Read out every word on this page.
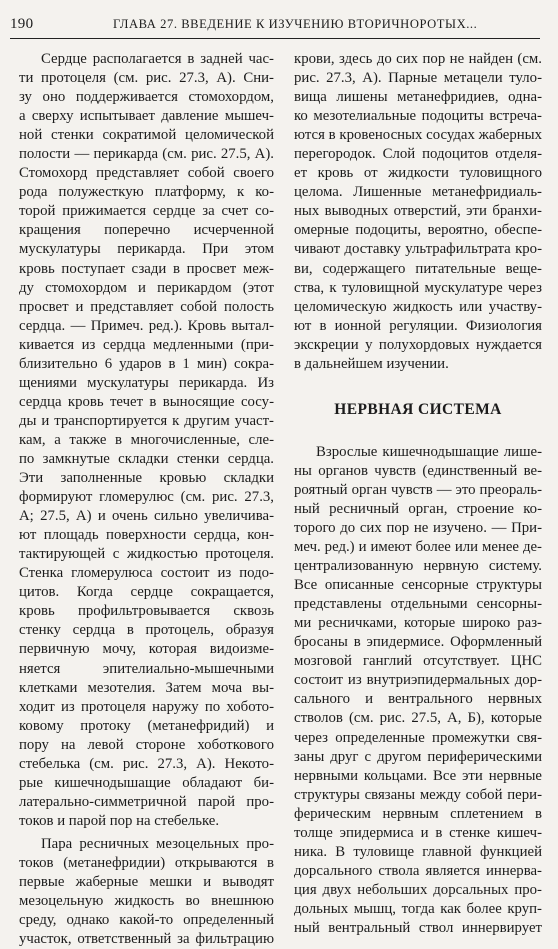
190	ГЛАВА 27. ВВЕДЕНИЕ К ИЗУЧЕНИЮ ВТОРИЧНОРОТЫХ...
Сердце располагается в задней час-
ти протоцеля (см. рис. 27.3, А). Сни-
зу оно поддерживается стомохордом,
а сверху испытывает давление мышеч-
ной стенки сократимой целомической
полости — перикарда (см. рис. 27.5, А).
Стомохорд представляет собой своего
рода полужесткую платформу, к ко-
торой прижимается сердце за счет со-
кращения поперечно исчерченной
мускулатуры перикарда. При этом
кровь поступает сзади в просвет меж-
ду стомохордом и перикардом (этот
просвет и представляет собой полость
сердца. — Примеч. ред.). Кровь вытал-
кивается из сердца медленными (при-
близительно 6 ударов в 1 мин) сокра-
щениями мускулатуры перикарда. Из
сердца кровь течет в выносящие сосу-
ды и транспортируется к другим участ-
кам, а также в многочисленные, сле-
по замкнутые складки стенки сердца.
Эти заполненные кровью складки
формируют гломерулюс (см. рис. 27.3,
А; 27.5, А) и очень сильно увеличива-
ют площадь поверхности сердца, кон-
тактирующей с жидкостью протоцеля.
Стенка гломерулюса состоит из подо-
цитов. Когда сердце сокращается,
кровь профильтровывается сквозь
стенку сердца в протоцель, образуя
первичную мочу, которая видоизме-
няется эпителиально-мышечными
клетками мезотелия. Затем моча вы-
ходит из протоцеля наружу по хобото-
ковому протоку (метанефридий) и
пору на левой стороне хоботкового
стебелька (см. рис. 27.3, А). Некото-
рые кишечнодышащие обладают би-
латерально-симметричной парой про-
токов и парой пор на стебельке.
Пара ресничных мезоцельных про-
токов (метанефридии) открываются в
первые жаберные мешки и выводят
мезоцельную жидкость во внешнюю
среду, однако какой-то определенный
участок, ответственный за фильтрацию
крови, здесь до сих пор не найден (см.
рис. 27.3, А). Парные метацели туло-
вища лишены метанефридиев, одна-
ко мезотелиальные подоциты встреча-
ются в кровеносных сосудах жаберных
перегородок. Слой подоцитов отделя-
ет кровь от жидкости туловищного
целома. Лишенные метанефридиаль-
ных выводных отверстий, эти бранхи-
омерные подоциты, вероятно, обеспе-
чивают доставку ультрафильтрата кро-
ви, содержащего питательные веще-
ства, к туловищной мускулатуре через
целомическую жидкость или участву-
ют в ионной регуляции. Физиология
экскреции у полухордовых нуждается
в дальнейшем изучении.
НЕРВНАЯ СИСТЕМА
Взрослые кишечнодышащие лише-
ны органов чувств (единственный ве-
роятный орган чувств — это преораль-
ный ресничный орган, строение ко-
торого до сих пор не изучено. — При-
меч. ред.) и имеют более или менее де-
централизованную нервную систему.
Все описанные сенсорные структуры
представлены отдельными сенсорны-
ми ресничками, которые широко раз-
бросаны в эпидермисе. Оформленный
мозговой ганглий отсутствует. ЦНС
состоит из внутриэпидермальных дор-
сального и вентрального нервных
стволов (см. рис. 27.5, А, Б), которые
через определенные промежутки свя-
заны друг с другом периферическими
нервными кольцами. Все эти нервные
структуры связаны между собой пери-
ферическим нервным сплетением в
толще эпидермиса и в стенке кишеч-
ника. В туловище главной функцией
дорсального ствола является иннерва-
ция двух небольших дорсальных про-
дольных мышц, тогда как более круп-
ный вентральный ствол иннервирует
